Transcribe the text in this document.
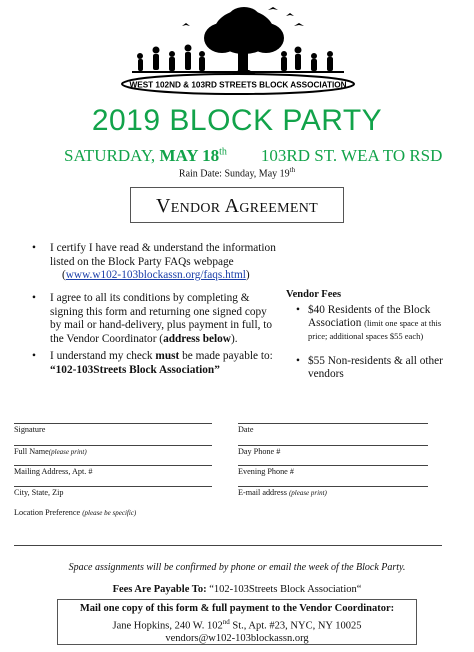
WEST 102ND & 103RD STREETS BLOCK ASSOCIATION
2019 BLOCK PARTY
SATURDAY, MAY 18th 103RD ST. WEA TO RSD
Rain Date: Sunday, May 19th
Vendor Agreement
• I certify I have read & understand the information
listed on the Block Party FAQs webpage
(www.w102-103blockassn.org/faqs.html)
• I agree to all its conditions by completing &
signing this form and returning one signed copy
by mail or hand-delivery, plus payment in full, to
the Vendor Coordinator (address below).
• I understand my check must be made payable to:
“102-103Streets Block Association”
Vendor Fees
• $40 Residents of the Block Association (limit one space at this price; additional spaces $55 each)
• $55 Non-residents & all other vendors
Signature	Date
Full Name(please print)	Day Phone #
Mailing Address, Apt. #	Evening Phone #
City, State, Zip	E-mail address (please print)
Location Preference (please be specific)
Space assignments will be confirmed by phone or email the week of the Block Party.
Fees Are Payable To: “102-103Streets Block Association“
Mail one copy of this form & full payment to the Vendor Coordinator:
Jane Hopkins, 240 W. 102nd St., Apt. #23, NYC, NY 10025
vendors@w102-103blockassn.org
